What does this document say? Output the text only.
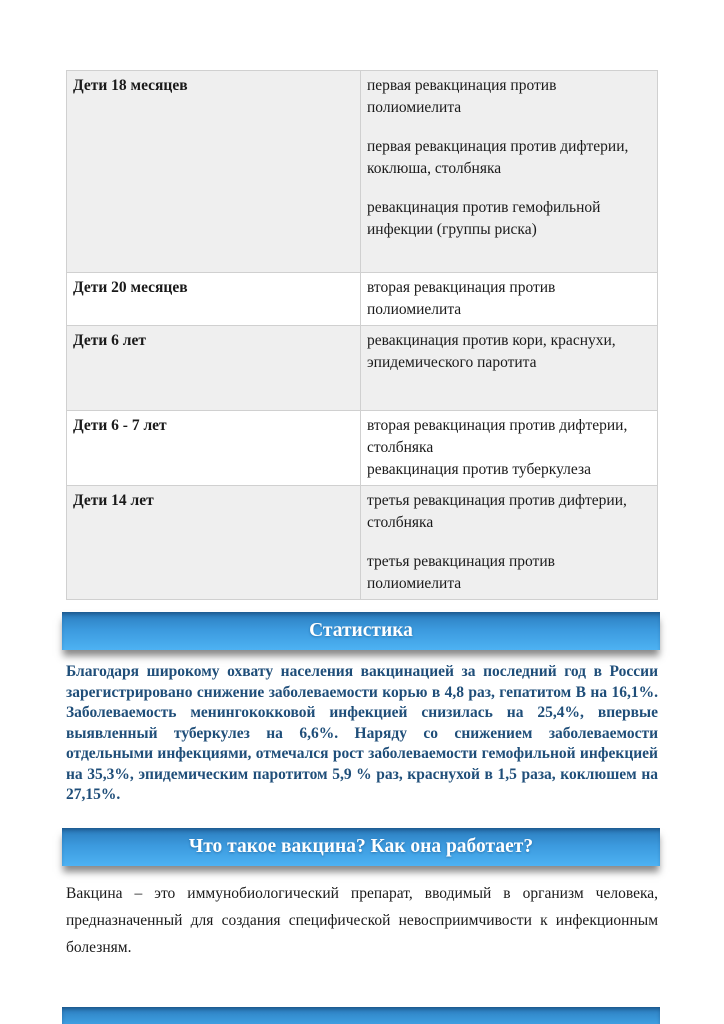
Дети 18 месяцев	первая ревакцинация против полиомиелита

первая ревакцинация против дифтерии, коклюша, столбняка

ревакцинация против гемофильной инфекции (группы риска)

Дети 20 месяцев	вторая ревакцинация против полиомиелита

Дети 6 лет	ревакцинация против кори, краснухи, эпидемического паротита

Дети 6 - 7 лет	вторая ревакцинация против дифтерии, столбняка

ревакцинация против туберкулеза

Дети 14 лет	третья ревакцинация против дифтерии, столбняка

третья ревакцинация против полиомиелита

Статистика

Благодаря широкому охвату населения вакцинацией за последний год в России зарегистрировано снижение заболеваемости корью в 4,8 раз, гепатитом В на 16,1%. Заболеваемость менингококковой инфекцией снизилась на 25,4%, впервые выявленный туберкулез на 6,6%. Наряду со снижением заболеваемости отдельными инфекциями, отмечался рост заболеваемости гемофильной инфекцией на 35,3%, эпидемическим паротитом 5,9 % раз, краснухой в 1,5 раза, коклюшем на 27,15%.

Что такое вакцина? Как она работает?

Вакцина – это иммунобиологический препарат, вводимый в организм человека, предназначенный для создания специфической невосприимчивости к инфекционным болезням.
